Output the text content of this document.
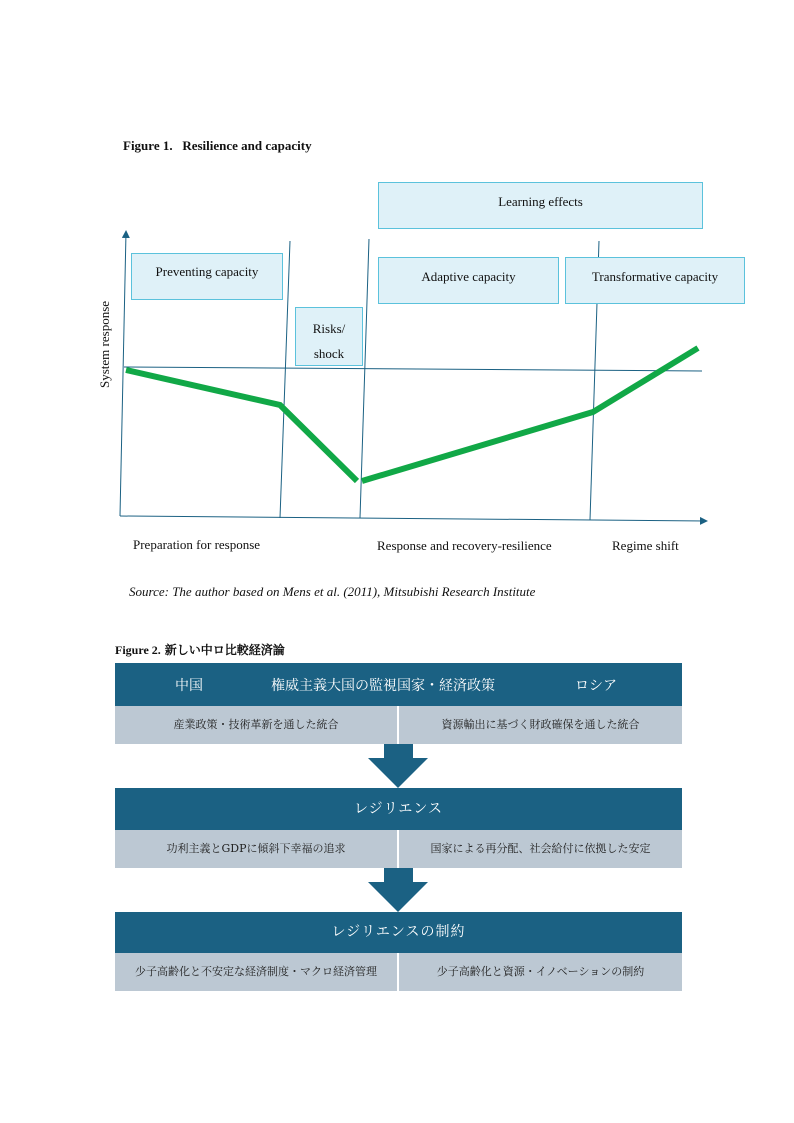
Figure 1.   Resilience and capacity
Learning effects
Preventing capacity
Risks/
shock
Adaptive capacity	Transformative capacity
System response
Preparation for response	Response and recovery-resilience	Regime shift
Source: The author based on Mens et al. (2011), Mitsubishi Research Institute
Figure 2. 新しい中ロ比較経済論
中国	権威主義大国の監視国家・経済政策	ロシア
産業政策・技術革新を通した統合	資源輸出に基づく財政確保を通した統合
レジリエンス
功利主義とGDPに傾斜下幸福の追求	国家による再分配、社会給付に依拠した安定
レジリエンスの制約
少子高齢化と不安定な経済制度・マクロ経済管理	少子高齢化と資源・イノベーションの制約
